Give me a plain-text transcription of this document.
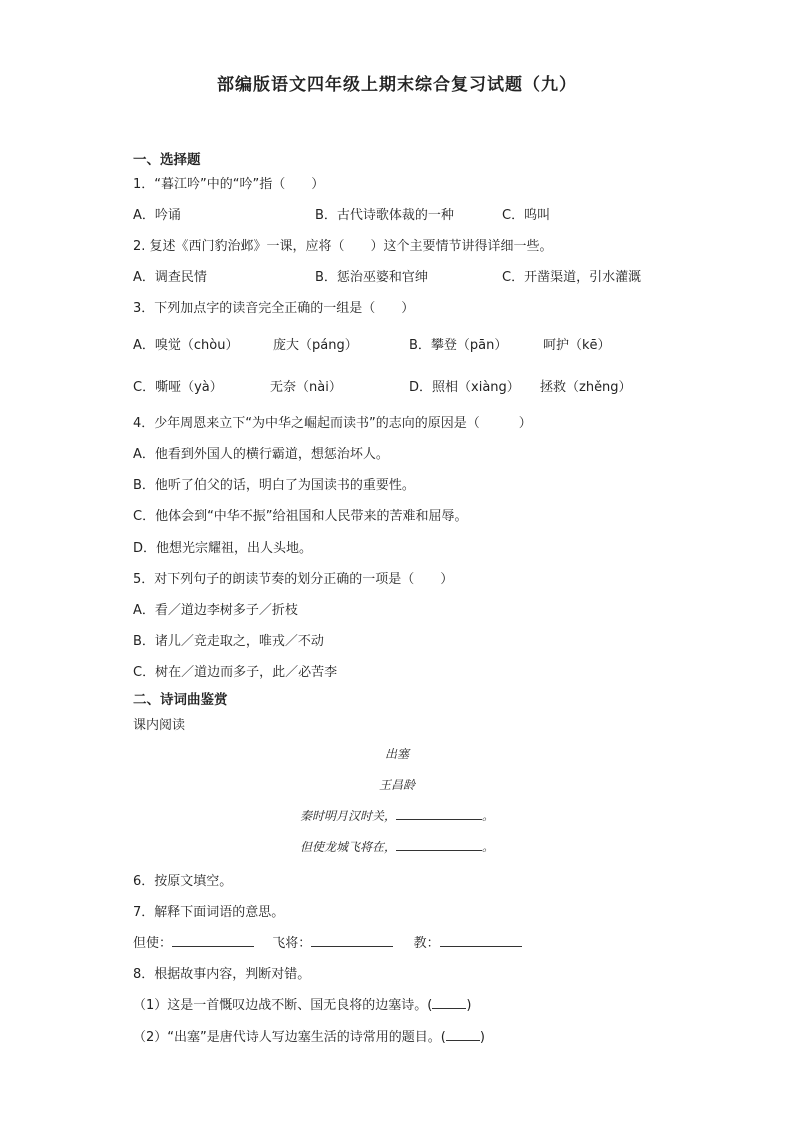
部编版语文四年级上期末综合复习试题（九）
一、选择题
1．“暮江吟”中的“吟”指（　　）
A．吟诵	B．古代诗歌体裁的一种	C．呜叫
2. 复述《西门豹治邺》一课，应将（　　）这个主要情节讲得详细一些。
A．调查民情	B．惩治巫婆和官绅	C．开凿渠道，引水灌溉
3．下列加点字的读音完全正确的一组是（　　）
A．嗅觉（chòu）	庞大（páng）	B．攀登（pān）	呵护（kē）
C．嘶哑（yà）	无奈（nài）	D．照相（xiàng） 拯救（zhěng）
4．少年周恩来立下“为中华之崛起而读书”的志向的原因是（　　　）
A．他看到外国人的横行霸道，想惩治坏人。
B．他听了伯父的话，明白了为国读书的重要性。
C．他体会到“中华不振”给祖国和人民带来的苦难和屈辱。
D．他想光宗耀祖，出人头地。
5．对下列句子的朗读节奏的划分正确的一项是（　　）
A．看／道边李树多子／折枝
B．诸儿／竞走取之，唯戎／不动
C．树在／道边而多子，此／必苦李
二、诗词曲鉴赏
课内阅读
出塞
王昌龄
秦时明月汉时关，	。
但使龙城飞将在，	。
6．按原文填空。
7．解释下面词语的意思。
但使：	飞将：	教：
8．根据故事内容，判断对错。
（1）这是一首慨叹边战不断、国无良将的边塞诗。(	)
（2）“出塞”是唐代诗人写边塞生活的诗常用的题目。(	)
